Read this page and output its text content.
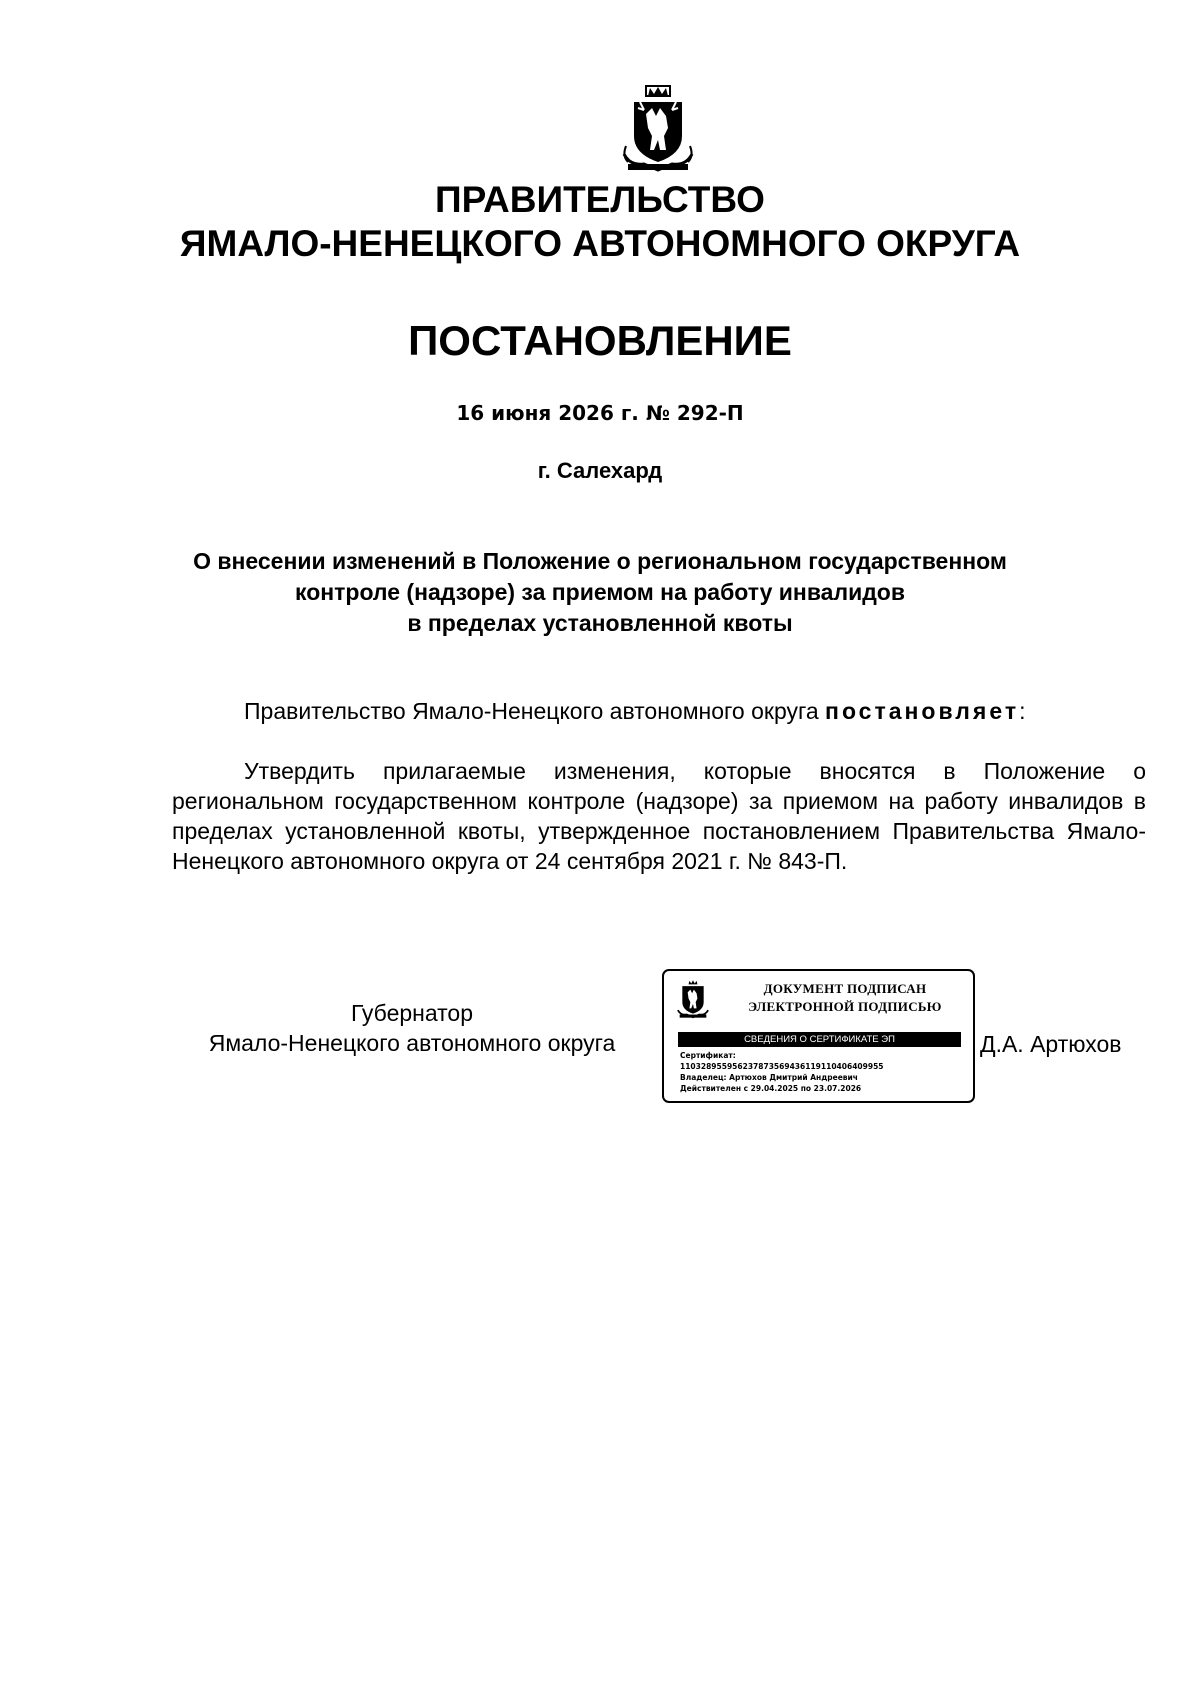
ПРАВИТЕЛЬСТВО
ЯМАЛО-НЕНЕЦКОГО АВТОНОМНОГО ОКРУГА
ПОСТАНОВЛЕНИЕ
16 июня 2026 г. № 292-П
г. Салехард
О внесении изменений в Положение о региональном государственном
контроле (надзоре) за приемом на работу инвалидов
в пределах установленной квоты

Правительство Ямало-Ненецкого автономного округа постановляет:

Утвердить прилагаемые изменения, которые вносятся в Положение о региональном государственном контроле (надзоре) за приемом на работу инвалидов в пределах установленной квоты, утвержденное постановлением Правительства Ямало-Ненецкого автономного округа от 24 сентября 2021 г. № 843-П.

Губернатор
Ямало-Ненецкого автономного округа
ДОКУМЕНТ ПОДПИСАН
ЭЛЕКТРОННОЙ ПОДПИСЬЮ
СВЕДЕНИЯ О СЕРТИФИКАТЕ ЭП
Сертификат:
110328955956237873569436119110406409955
Владелец: Артюхов Дмитрий Андреевич
Действителен с 29.04.2025 по 23.07.2026
Д.А. Артюхов
